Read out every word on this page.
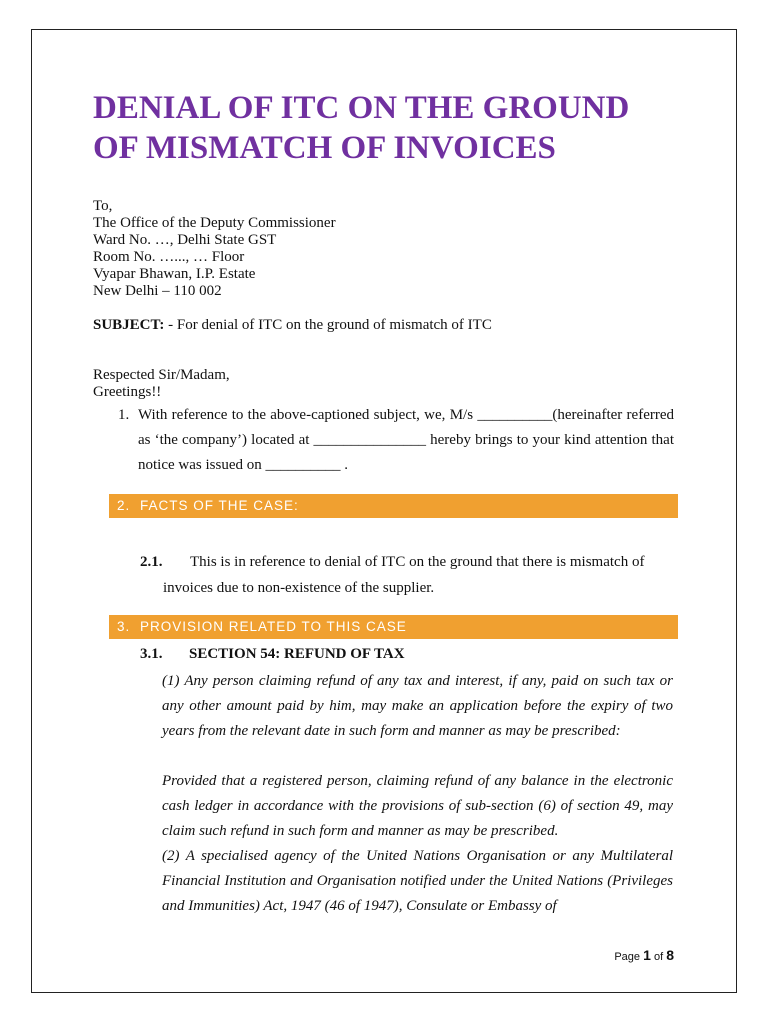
DENIAL OF ITC ON THE GROUND
OF MISMATCH OF INVOICES
To,
The Office of the Deputy Commissioner
Ward No. …, Delhi State GST
Room No. …..., … Floor
Vyapar Bhawan, I.P. Estate
New Delhi – 110 002
SUBJECT: - For denial of ITC on the ground of mismatch of ITC
Respected Sir/Madam,
Greetings!!
1. With reference to the above-captioned subject, we, M/s __________(hereinafter referred as ‘the company’) located at _______________ hereby brings to your kind attention that notice was issued on __________ .
2. FACTS OF THE CASE:
2.1. This is in reference to denial of ITC on the ground that there is mismatch of
invoices due to non-existence of the supplier.
3. PROVISION RELATED TO THIS CASE
3.1. SECTION 54: REFUND OF TAX

(1) Any person claiming refund of any tax and interest, if any, paid on such tax or any other amount paid by him, may make an application before the expiry of two years from the relevant date in such form and manner as may be prescribed:

Provided that a registered person, claiming refund of any balance in the electronic cash ledger in accordance with the provisions of sub-section (6) of section 49, may claim such refund in such form and manner as may be prescribed.

(2) A specialised agency of the United Nations Organisation or any Multilateral Financial Institution and Organisation notified under the United Nations (Privileges and Immunities) Act, 1947 (46 of 1947), Consulate or Embassy of

Page 1 of 8
